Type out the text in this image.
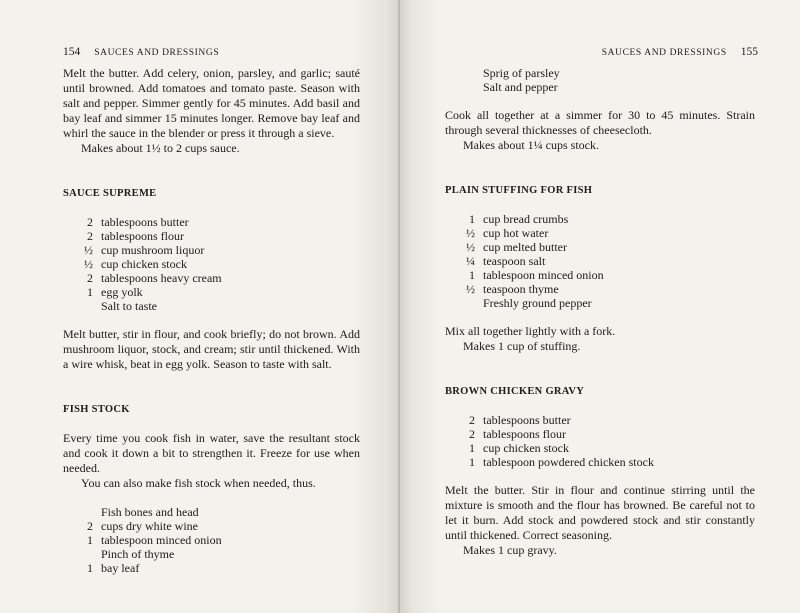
154 SAUCES AND DRESSINGS

Melt the butter. Add celery, onion, parsley, and garlic; sauté until browned. Add tomatoes and tomato paste. Season with salt and pepper. Simmer gently for 45 minutes. Add basil and bay leaf and simmer 15 minutes longer. Remove bay leaf and whirl the sauce in the blender or press it through a sieve.

Makes about 1½ to 2 cups sauce.

SAUCE SUPREME
2 tablespoons butter
2 tablespoons flour
½ cup mushroom liquor
½ cup chicken stock
2 tablespoons heavy cream
1 egg yolk
Salt to taste

Melt butter, stir in flour, and cook briefly; do not brown. Add mushroom liquor, stock, and cream; stir until thickened. With a wire whisk, beat in egg yolk. Season to taste with salt.

FISH STOCK

Every time you cook fish in water, save the resultant stock and cook it down a bit to strengthen it. Freeze for use when needed.

You can also make fish stock when needed, thus.

Fish bones and head
2 cups dry white wine
1 tablespoon minced onion
Pinch of thyme
1 bay leaf
SAUCES AND DRESSINGS 155
Sprig of parsley
Salt and pepper

Cook all together at a simmer for 30 to 45 minutes. Strain through several thicknesses of cheesecloth.

Makes about 1¼ cups stock.

PLAIN STUFFING FOR FISH
1 cup bread crumbs
½ cup hot water
½ cup melted butter
¼ teaspoon salt
1 tablespoon minced onion
½ teaspoon thyme
Freshly ground pepper

Mix all together lightly with a fork.

Makes 1 cup of stuffing.

BROWN CHICKEN GRAVY
2 tablespoons butter
2 tablespoons flour
1 cup chicken stock
1 tablespoon powdered chicken stock

Melt the butter. Stir in flour and continue stirring until the mixture is smooth and the flour has browned. Be careful not to let it burn. Add stock and powdered stock and stir constantly until thickened. Correct seasoning.

Makes 1 cup gravy.
